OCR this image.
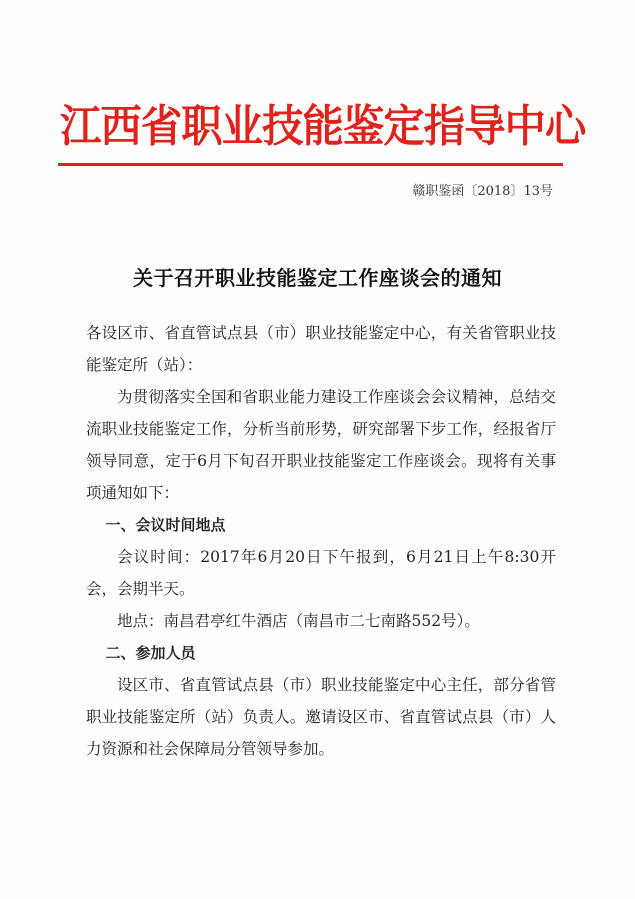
江西省职业技能鉴定指导中心
赣职鉴函〔2018〕13号
关于召开职业技能鉴定工作座谈会的通知

各设区市、省直管试点县（市）职业技能鉴定中心，有关省管职业技能鉴定所（站）：

为贯彻落实全国和省职业能力建设工作座谈会会议精神，总结交流职业技能鉴定工作，分析当前形势，研究部署下步工作，经报省厅领导同意，定于6月下旬召开职业技能鉴定工作座谈会。现将有关事项通知如下：

一、会议时间地点

会议时间：2017年6月20日下午报到，6月21日上午8:30开会，会期半天。

地点：南昌君亭红牛酒店（南昌市二七南路552号）。

二、参加人员

设区市、省直管试点县（市）职业技能鉴定中心主任，部分省管职业技能鉴定所（站）负责人。邀请设区市、省直管试点县（市）人力资源和社会保障局分管领导参加。
